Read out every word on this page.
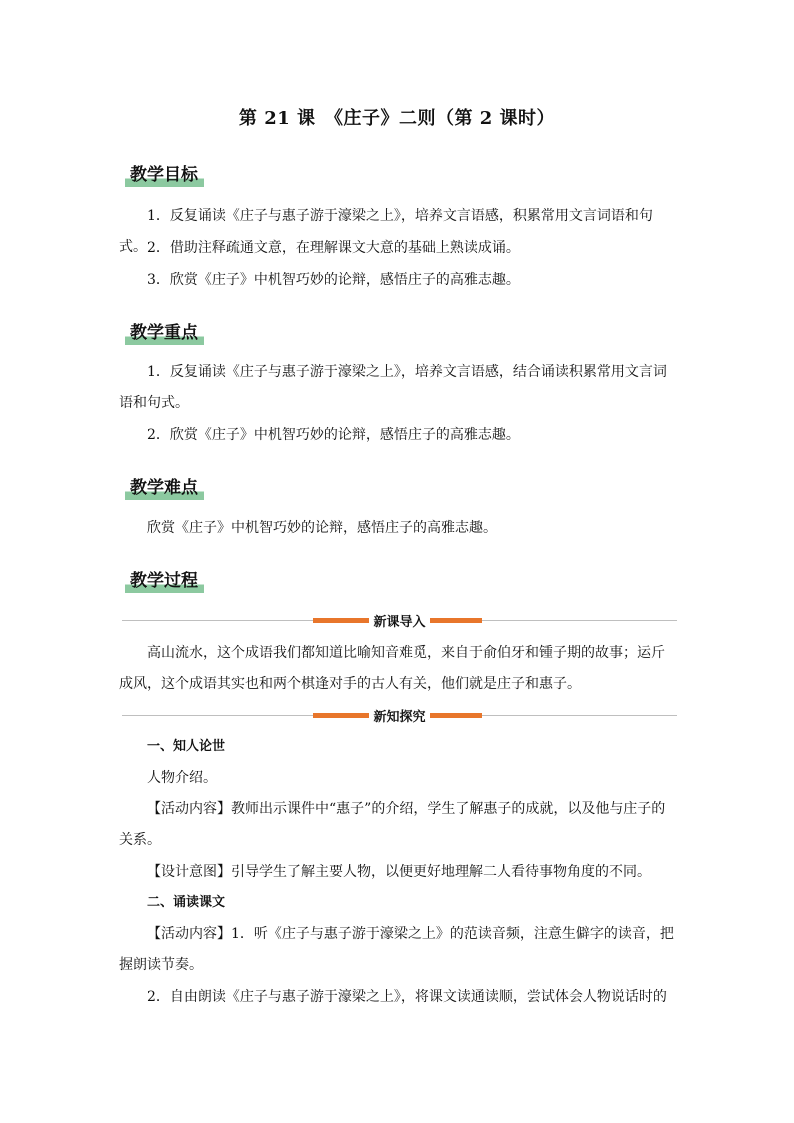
第 21 课　《庄子》二则（第 2 课时）
教学目标

1．反复诵读《庄子与惠子游于濠梁之上》，培养文言语感，积累常用文言词语和句式。 2．借助注释疏通文意，在理解课文大意的基础上熟读成诵。

3．欣赏《庄子》中机智巧妙的论辩，感悟庄子的高雅志趣。

教学重点

1．反复诵读《庄子与惠子游于濠梁之上》，培养文言语感，结合诵读积累常用文言词语和句式。

2．欣赏《庄子》中机智巧妙的论辩，感悟庄子的高雅志趣。

教学难点

欣赏《庄子》中机智巧妙的论辩，感悟庄子的高雅志趣。

教学过程
新课导入

高山流水，这个成语我们都知道比喻知音难觅，来自于俞伯牙和锺子期的故事；运斤成风，这个成语其实也和两个棋逢对手的古人有关，他们就是庄子和惠子。

新知探究

一、知人论世

人物介绍。

【活动内容】教师出示课件中“惠子”的介绍，学生了解惠子的成就，以及他与庄子的关系。

【设计意图】引导学生了解主要人物，以便更好地理解二人看待事物角度的不同。

二、诵读课文

【活动内容】1．听《庄子与惠子游于濠梁之上》的范读音频，注意生僻字的读音，把握朗读节奏。

2．自由朗读《庄子与惠子游于濠梁之上》，将课文读通读顺，尝试体会人物说话时的
